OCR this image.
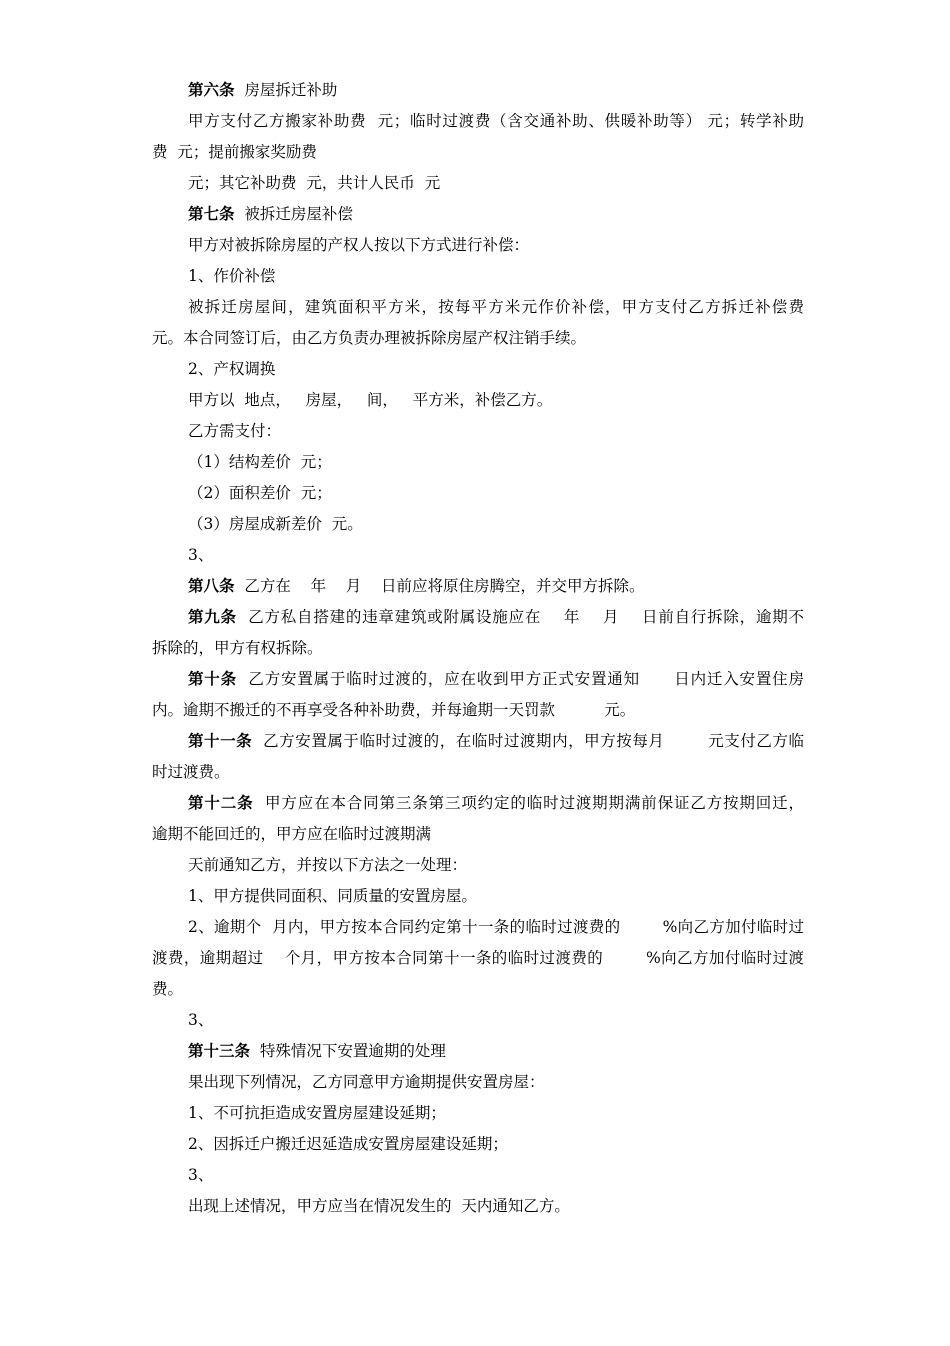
第六条 房屋拆迁补助
甲方支付乙方搬家补助费  元；临时过渡费（含交通补助、供暖补助等） 元；转学补助
费  元；提前搬家奖励费
元；其它补助费  元，共计人民币  元
第七条 被拆迁房屋补偿
甲方对被拆除房屋的产权人按以下方式进行补偿：
1、作价补偿
被拆迁房屋间，建筑面积平方米，按每平方米元作价补偿，甲方支付乙方拆迁补偿费
元。本合同签订后，由乙方负责办理被拆除房屋产权注销手续。
2、产权调换
甲方以  地点，   房屋，   间，   平方米，补偿乙方。
乙方需支付：
（1）结构差价  元；
（2）面积差价  元；
（3）房屋成新差价  元。
3、
第八条 乙方在    年    月    日前应将原住房腾空，并交甲方拆除。
第九条 乙方私自搭建的违章建筑或附属设施应在    年    月    日前自行拆除，逾期不
拆除的，甲方有权拆除。
第十条 乙方安置属于临时过渡的，应在收到甲方正式安置通知      日内迁入安置住房
内。逾期不搬迁的不再享受各种补助费，并每逾期一天罚款          元。
第十一条 乙方安置属于临时过渡的，在临时过渡期内，甲方按每月        元支付乙方临
时过渡费。
第十二条 甲方应在本合同第三条第三项约定的临时过渡期期满前保证乙方按期回迁，
逾期不能回迁的，甲方应在临时过渡期满
天前通知乙方，并按以下方法之一处理：
1、甲方提供同面积、同质量的安置房屋。
2、逾期个  月内，甲方按本合同约定第十一条的临时过渡费的        %向乙方加付临时过
渡费，逾期超过    个月，甲方按本合同第十一条的临时过渡费的        %向乙方加付临时过渡
费。
3、
第十三条 特殊情况下安置逾期的处理
果出现下列情况，乙方同意甲方逾期提供安置房屋：
1、不可抗拒造成安置房屋建设延期；
2、因拆迁户搬迁迟延造成安置房屋建设延期；
3、
出现上述情况，甲方应当在情况发生的  天内通知乙方。
